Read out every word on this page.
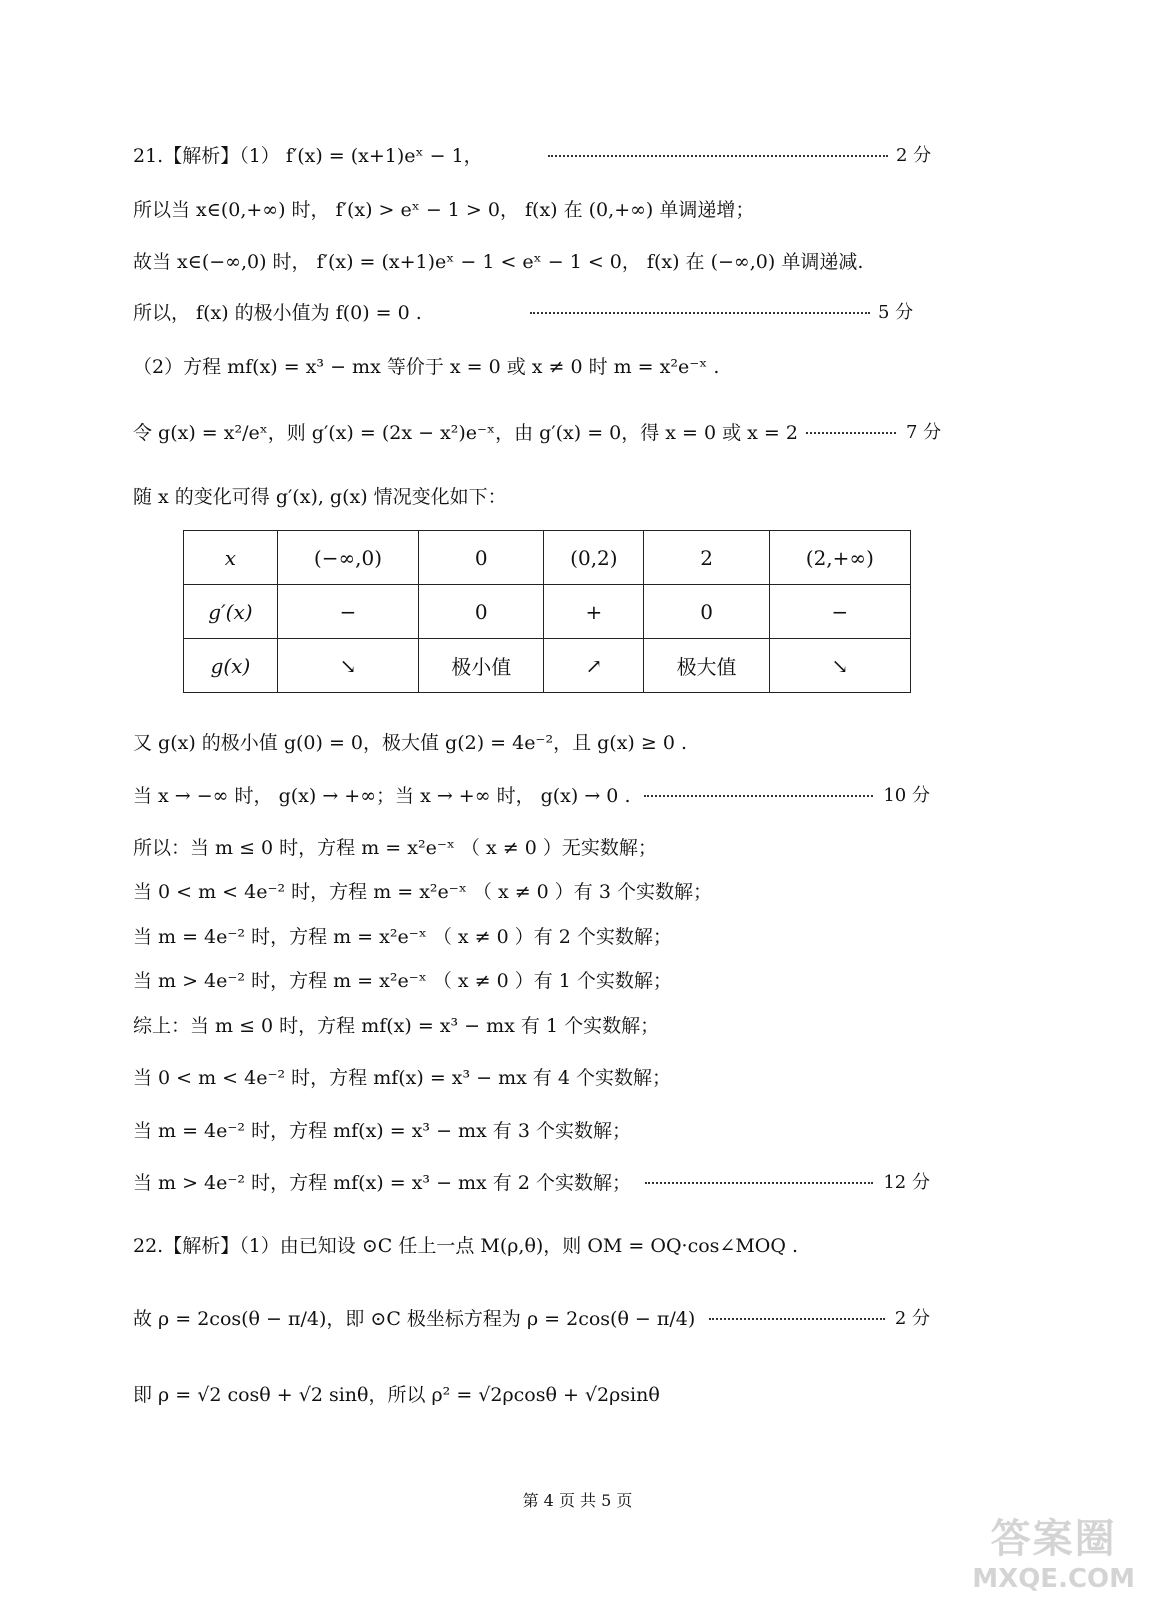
21.【解析】（1） f′(x) = (x+1)eˣ − 1，	2 分
所以当 x∈(0,+∞) 时， f′(x) > eˣ − 1 > 0， f(x) 在 (0,+∞) 单调递增；
故当 x∈(−∞,0) 时， f′(x) = (x+1)eˣ − 1 < eˣ − 1 < 0， f(x) 在 (−∞,0) 单调递减.
所以， f(x) 的极小值为 f(0) = 0 .	5 分
（2）方程 mf(x) = x³ − mx 等价于 x = 0 或 x ≠ 0 时 m = x²e⁻ˣ .
令 g(x) = x²/eˣ，则 g′(x) = (2x − x²)e⁻ˣ，由 g′(x) = 0，得 x = 0 或 x = 2	7 分
随 x 的变化可得 g′(x), g(x) 情况变化如下：
x	(−∞,0)	0	(0,2)	2	(2,+∞)
g′(x)	−	0	+	0	−
g(x)	↘	极小值	↗	极大值	↘
又 g(x) 的极小值 g(0) = 0，极大值 g(2) = 4e⁻²，且 g(x) ≥ 0 .
当 x → −∞ 时， g(x) → +∞；当 x → +∞ 时， g(x) → 0 .	10 分
所以：当 m ≤ 0 时，方程 m = x²e⁻ˣ （ x ≠ 0 ）无实数解；
当 0 < m < 4e⁻² 时，方程 m = x²e⁻ˣ （ x ≠ 0 ）有 3 个实数解；
当 m = 4e⁻² 时，方程 m = x²e⁻ˣ （ x ≠ 0 ）有 2 个实数解；
当 m > 4e⁻² 时，方程 m = x²e⁻ˣ （ x ≠ 0 ）有 1 个实数解；
综上：当 m ≤ 0 时，方程 mf(x) = x³ − mx 有 1 个实数解；
当 0 < m < 4e⁻² 时，方程 mf(x) = x³ − mx 有 4 个实数解；
当 m = 4e⁻² 时，方程 mf(x) = x³ − mx 有 3 个实数解；
当 m > 4e⁻² 时，方程 mf(x) = x³ − mx 有 2 个实数解；	12 分
22.【解析】（1）由已知设 ⊙C 任上一点 M(ρ,θ)，则 OM = OQ·cos∠MOQ .
故 ρ = 2cos(θ − π/4)，即 ⊙C 极坐标方程为 ρ = 2cos(θ − π/4)	2 分
即 ρ = √2 cosθ + √2 sinθ，所以 ρ² = √2ρcosθ + √2ρsinθ
第 4 页 共 5 页
答案圈
MXQE.COM
